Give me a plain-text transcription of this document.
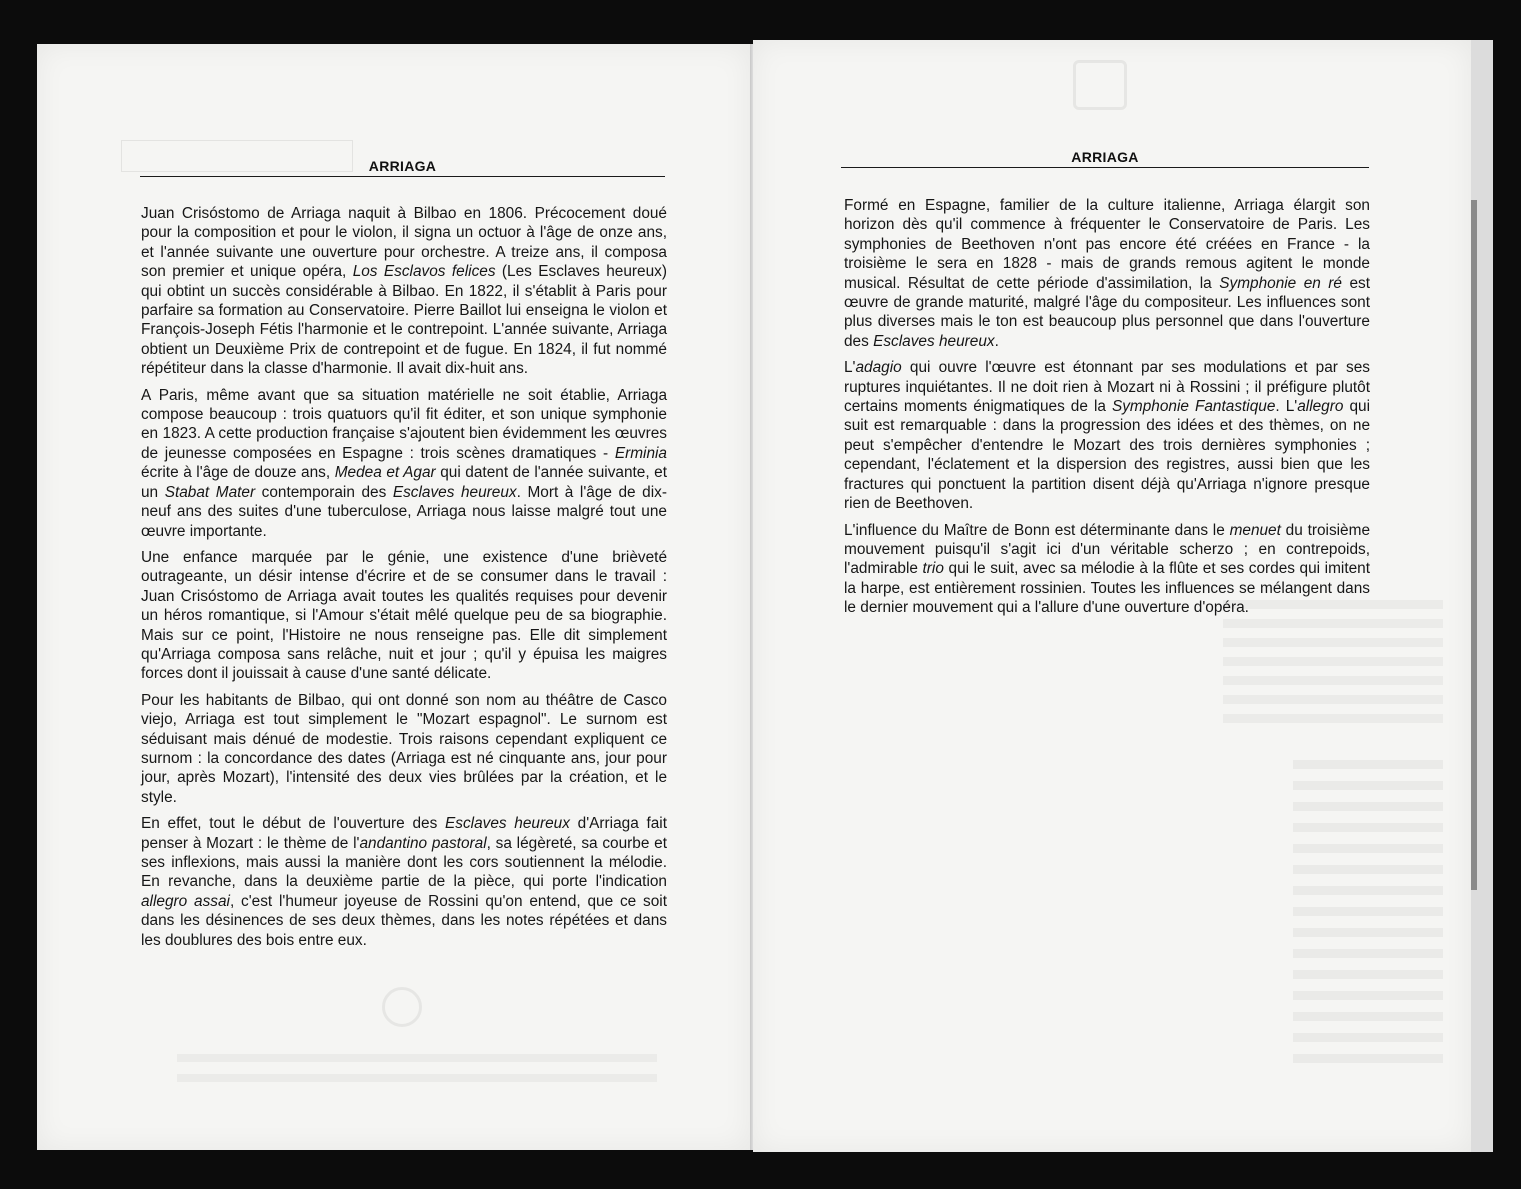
ARRIAGA

Juan Crisóstomo de Arriaga naquit à Bilbao en 1806. Précocement doué pour la composition et pour le violon, il signa un octuor à l'âge de onze ans, et l'année suivante une ouverture pour orchestre. A treize ans, il composa son premier et unique opéra, Los Esclavos felices (Les Esclaves heureux) qui obtint un succès considérable à Bilbao. En 1822, il s'établit à Paris pour parfaire sa formation au Conservatoire. Pierre Baillot lui enseigna le violon et François-Joseph Fétis l'harmonie et le contrepoint. L'année suivante, Arriaga obtient un Deuxième Prix de contrepoint et de fugue. En 1824, il fut nommé répétiteur dans la classe d'harmonie. Il avait dix-huit ans.

A Paris, même avant que sa situation matérielle ne soit établie, Arriaga compose beaucoup : trois quatuors qu'il fit éditer, et son unique symphonie en 1823. A cette production française s'ajoutent bien évidemment les œuvres de jeunesse composées en Espagne : trois scènes dramatiques - Erminia écrite à l'âge de douze ans, Medea et Agar qui datent de l'année suivante, et un Stabat Mater contemporain des Esclaves heureux. Mort à l'âge de dix-neuf ans des suites d'une tuberculose, Arriaga nous laisse malgré tout une œuvre importante.

Une enfance marquée par le génie, une existence d'une brièveté outrageante, un désir intense d'écrire et de se consumer dans le travail : Juan Crisóstomo de Arriaga avait toutes les qualités requises pour devenir un héros romantique, si l'Amour s'était mêlé quelque peu de sa biographie. Mais sur ce point, l'Histoire ne nous renseigne pas. Elle dit simplement qu'Arriaga composa sans relâche, nuit et jour ; qu'il y épuisa les maigres forces dont il jouissait à cause d'une santé délicate.

Pour les habitants de Bilbao, qui ont donné son nom au théâtre de Casco viejo, Arriaga est tout simplement le "Mozart espagnol". Le surnom est séduisant mais dénué de modestie. Trois raisons cependant expliquent ce surnom : la concordance des dates (Arriaga est né cinquante ans, jour pour jour, après Mozart), l'intensité des deux vies brûlées par la création, et le style.

En effet, tout le début de l'ouverture des Esclaves heureux d'Arriaga fait penser à Mozart : le thème de l'andantino pastoral, sa légèreté, sa courbe et ses inflexions, mais aussi la manière dont les cors soutiennent la mélodie. En revanche, dans la deuxième partie de la pièce, qui porte l'indication allegro assai, c'est l'humeur joyeuse de Rossini qu'on entend, que ce soit dans les désinences de ses deux thèmes, dans les notes répétées et dans les doublures des bois entre eux.

ARRIAGA

Formé en Espagne, familier de la culture italienne, Arriaga élargit son horizon dès qu'il commence à fréquenter le Conservatoire de Paris. Les symphonies de Beethoven n'ont pas encore été créées en France - la troisième le sera en 1828 - mais de grands remous agitent le monde musical. Résultat de cette période d'assimilation, la Symphonie en ré est œuvre de grande maturité, malgré l'âge du compositeur. Les influences sont plus diverses mais le ton est beaucoup plus personnel que dans l'ouverture des Esclaves heureux.

L'adagio qui ouvre l'œuvre est étonnant par ses modulations et par ses ruptures inquiétantes. Il ne doit rien à Mozart ni à Rossini ; il préfigure plutôt certains moments énigmatiques de la Symphonie Fantastique. L'allegro qui suit est remarquable : dans la progression des idées et des thèmes, on ne peut s'empêcher d'entendre le Mozart des trois dernières symphonies ; cependant, l'éclatement et la dispersion des registres, aussi bien que les fractures qui ponctuent la partition disent déjà qu'Arriaga n'ignore presque rien de Beethoven.

L'influence du Maître de Bonn est déterminante dans le menuet du troisième mouvement puisqu'il s'agit ici d'un véritable scherzo ; en contrepoids, l'admirable trio qui le suit, avec sa mélodie à la flûte et ses cordes qui imitent la harpe, est entièrement rossinien. Toutes les influences se mélangent dans le dernier mouvement qui a l'allure d'une ouverture d'opéra.
